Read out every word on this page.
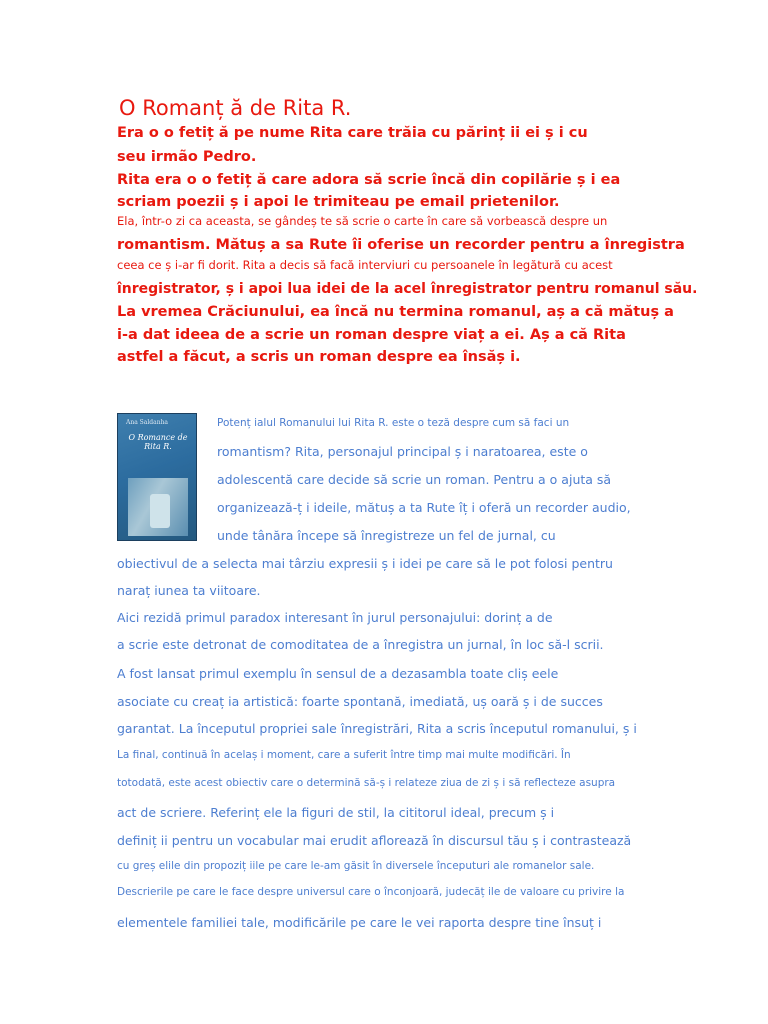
O Romanț ă de Rita R.
Era o o fetiț ă pe nume Rita care trăia cu părinț ii ei ș i cu
seu irmão Pedro.
Rita era o o fetiț ă care adora să scrie încă din copilărie ș i ea
scriam poezii ș i apoi le trimiteau pe email prietenilor.
Ela, într-o zi ca aceasta, se gândeș te să scrie o carte în care să vorbească despre un
romantism. Mătuș a sa Rute îi oferise un recorder pentru a înregistra
ceea ce ș i-ar fi dorit. Rita a decis să facă interviuri cu persoanele în legătură cu acest
înregistrator, ș i apoi lua idei de la acel înregistrator pentru romanul său.
La vremea Crăciunului, ea încă nu termina romanul, aș a că mătuș a
i-a dat ideea de a scrie un roman despre viaț a ei. Aș a că Rita
astfel a făcut, a scris un roman despre ea însăș i.
Ana Saldanha
O Romance de Rita R.
Potenț ialul Romanului lui Rita R. este o teză despre cum să faci un
romantism? Rita, personajul principal ș i naratoarea, este o
adolescentă care decide să scrie un roman. Pentru a o ajuta să
organizează-ț i ideile, mătuș a ta Rute îț i oferă un recorder audio,
unde tânăra începe să înregistreze un fel de jurnal, cu
obiectivul de a selecta mai târziu expresii ș i idei pe care să le pot folosi pentru
naraț iunea ta viitoare.
Aici rezidă primul paradox interesant în jurul personajului: dorinț a de
a scrie este detronat de comoditatea de a înregistra un jurnal, în loc să-l scrii.
A fost lansat primul exemplu în sensul de a dezasambla toate cliș eele
asociate cu creaț ia artistică: foarte spontană, imediată, uș oară ș i de succes
garantat. La începutul propriei sale înregistrări, Rita a scris începutul romanului, ș i
La final, continuă în acelaș i moment, care a suferit între timp mai multe modificări. În
totodată, este acest obiectiv care o determină să-ș i relateze ziua de zi ș i să reflecteze asupra
act de scriere. Referinț ele la figuri de stil, la cititorul ideal, precum ș i
definiț ii pentru un vocabular mai erudit aflorează în discursul tău ș i contrastează
cu greș elile din propoziț iile pe care le-am găsit în diversele începuturi ale romanelor sale.
Descrierile pe care le face despre universul care o înconjoară, judecăț ile de valoare cu privire la
elementele familiei tale, modificările pe care le vei raporta despre tine însuț i
